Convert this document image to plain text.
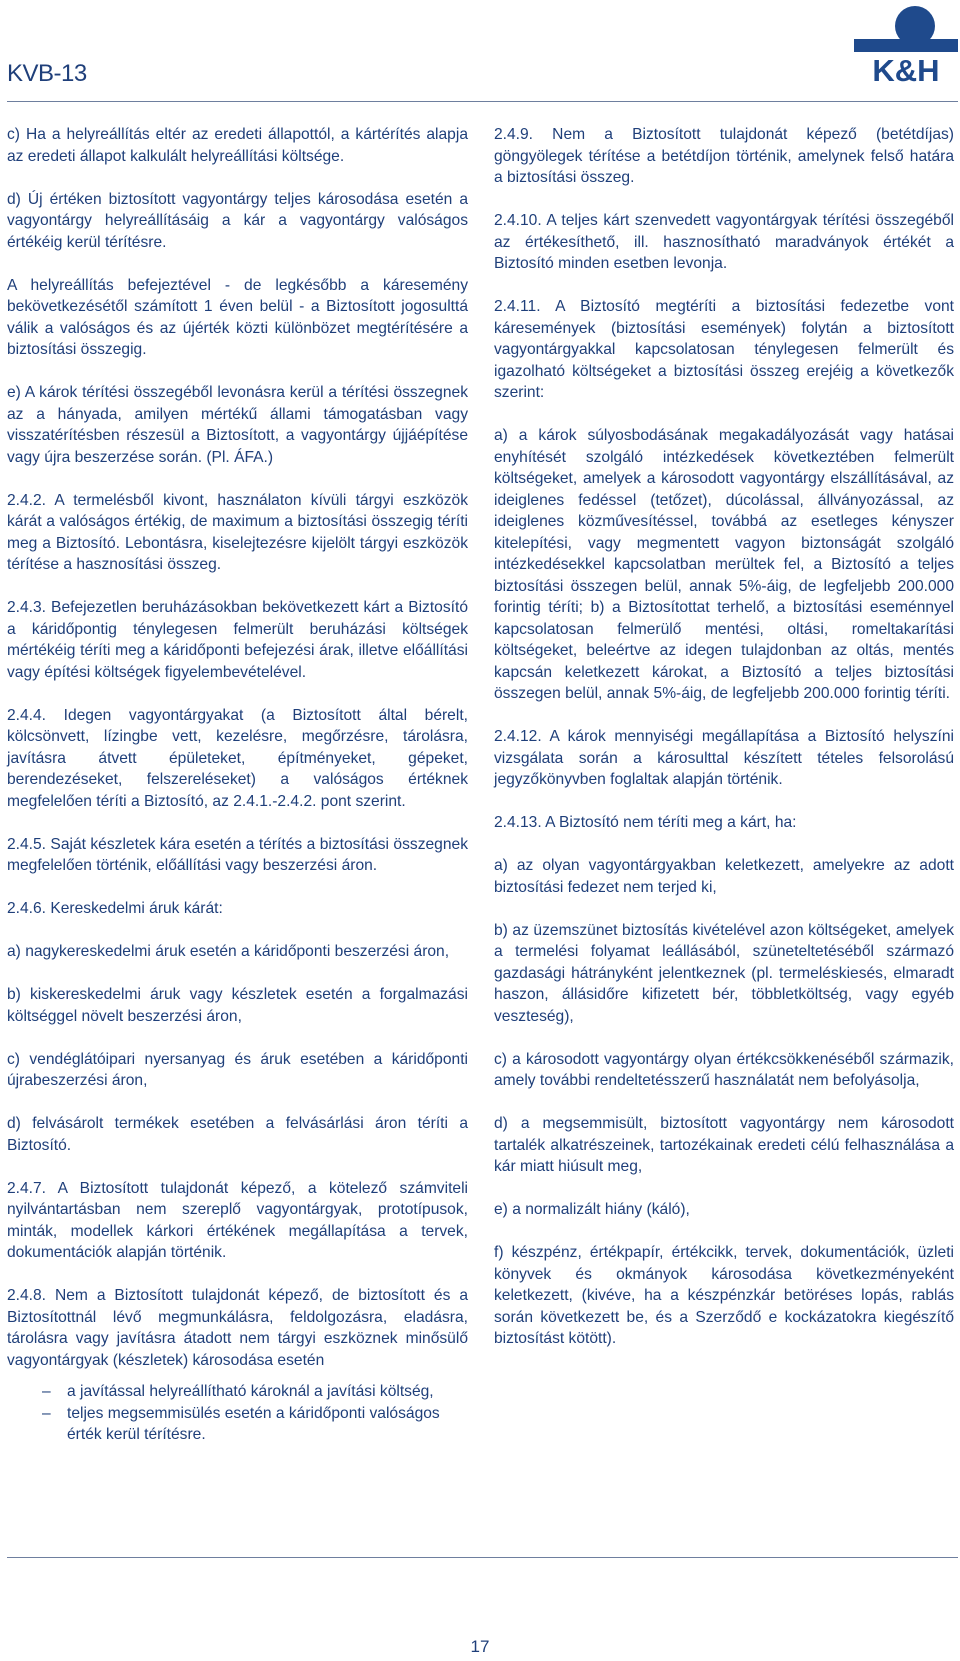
KVB-13	K&H

c) Ha a helyreállítás eltér az eredeti állapottól, a kártérítés alapja az eredeti állapot kalkulált helyreállítási költsége.

d) Új értéken biztosított vagyontárgy teljes károsodása esetén a vagyontárgy helyreállításáig a kár a vagyontárgy valóságos értékéig kerül térítésre.

A helyreállítás befejeztével - de legkésőbb a káresemény bekövetkezésétől számított 1 éven belül - a Biztosított jogosulttá válik a valóságos és az újérték közti különbözet megtérítésére a biztosítási összegig.

e) A károk térítési összegéből levonásra kerül a térítési összegnek az a hányada, amilyen mértékű állami támogatásban vagy visszatérítésben részesül a Biztosított, a vagyontárgy újjáépítése vagy újra beszerzése során. (Pl. ÁFA.)

2.4.2. A termelésből kivont, használaton kívüli tárgyi eszközök kárát a valóságos értékig, de maximum a biztosítási összegig téríti meg a Biztosító. Lebontásra, kiselejtezésre kijelölt tárgyi eszközök térítése a hasznosítási összeg.

2.4.3. Befejezetlen beruházásokban bekövetkezett kárt a Biztosító a káridőpontig ténylegesen felmerült beruházási költségek mértékéig téríti meg a káridőponti befejezési árak, illetve előállítási vagy építési költségek figyelembevételével.

2.4.4. Idegen vagyontárgyakat (a Biztosított által bérelt, kölcsönvett, lízingbe vett, kezelésre, megőrzésre, tárolásra, javításra átvett épületeket, építményeket, gépeket, berendezéseket, felszereléseket) a valóságos értéknek megfelelően téríti a Biztosító, az 2.4.1.-2.4.2. pont szerint.

2.4.5. Saját készletek kára esetén a térítés a biztosítási összegnek megfelelően történik, előállítási vagy beszerzési áron.

2.4.6. Kereskedelmi áruk kárát:

a) nagykereskedelmi áruk esetén a káridőponti beszerzési áron,

b) kiskereskedelmi áruk vagy készletek esetén a forgalmazási költséggel növelt beszerzési áron,

c) vendéglátóipari nyersanyag és áruk esetében a káridőponti újrabeszerzési áron,

d) felvásárolt termékek esetében a felvásárlási áron téríti a Biztosító.

2.4.7. A Biztosított tulajdonát képező, a kötelező számviteli nyilvántartásban nem szereplő vagyontárgyak, prototípusok, minták, modellek kárkori értékének megállapítása a tervek, dokumentációk alapján történik.

2.4.8. Nem a Biztosított tulajdonát képező, de biztosított és a Biztosítottnál lévő megmunkálásra, feldolgozásra, eladásra, tárolásra vagy javításra átadott nem tárgyi eszköznek minősülő vagyontárgyak (készletek) károsodása esetén

– a javítással helyreállítható károknál a javítási költség,
– teljes megsemmisülés esetén a káridőponti valóságos érték kerül térítésre.

2.4.9. Nem a Biztosított tulajdonát képező (betétdíjas) göngyölegek térítése a betétdíjon történik, amelynek felső határa a biztosítási összeg.

2.4.10. A teljes kárt szenvedett vagyontárgyak térítési összegéből az értékesíthető, ill. hasznosítható maradványok értékét a Biztosító minden esetben levonja.

2.4.11. A Biztosító megtéríti a biztosítási fedezetbe vont káresemények (biztosítási események) folytán a biztosított vagyontárgyakkal kapcsolatosan ténylegesen felmerült és igazolható költségeket a biztosítási összeg erejéig a következők szerint:

a) a károk súlyosbodásának megakadályozását vagy hatásai enyhítését szolgáló intézkedések következtében felmerült költségeket, amelyek a károsodott vagyontárgy elszállításával, az ideiglenes fedéssel (tetőzet), dúcolással, állványozással, az ideiglenes közművesítéssel, továbbá az esetleges kényszer kitelepítési, vagy megmentett vagyon biztonságát szolgáló intézkedésekkel kapcsolatban merültek fel, a Biztosító a teljes biztosítási összegen belül, annak 5%-áig, de legfeljebb 200.000 forintig téríti; b) a Biztosítottat terhelő, a biztosítási eseménnyel kapcsolatosan felmerülő mentési, oltási, romeltakarítási költségeket, beleértve az idegen tulajdonban az oltás, mentés kapcsán keletkezett károkat, a Biztosító a teljes biztosítási összegen belül, annak 5%-áig, de legfeljebb 200.000 forintig téríti.

2.4.12. A károk mennyiségi megállapítása a Biztosító helyszíni vizsgálata során a károsulttal készített tételes felsorolású jegyzőkönyvben foglaltak alapján történik.

2.4.13. A Biztosító nem téríti meg a kárt, ha:

a) az olyan vagyontárgyakban keletkezett, amelyekre az adott biztosítási fedezet nem terjed ki,

b) az üzemszünet biztosítás kivételével azon költségeket, amelyek a termelési folyamat leállásából, szüneteltetéséből származó gazdasági hátrányként jelentkeznek (pl. termeléskiesés, elmaradt haszon, állásidőre kifizetett bér, többletköltség, vagy egyéb veszteség),

c) a károsodott vagyontárgy olyan értékcsökkenéséből származik, amely további rendeltetésszerű használatát nem befolyásolja,

d) a megsemmisült, biztosított vagyontárgy nem károsodott tartalék alkatrészeinek, tartozékainak eredeti célú felhasználása a kár miatt hiúsult meg,

e) a normalizált hiány (káló),

f) készpénz, értékpapír, értékcikk, tervek, dokumentációk, üzleti könyvek és okmányok károsodása következményeként keletkezett, (kivéve, ha a készpénzkár betöréses lopás, rablás során következett be, és a Szerződő e kockázatokra kiegészítő biztosítást kötött).

17
